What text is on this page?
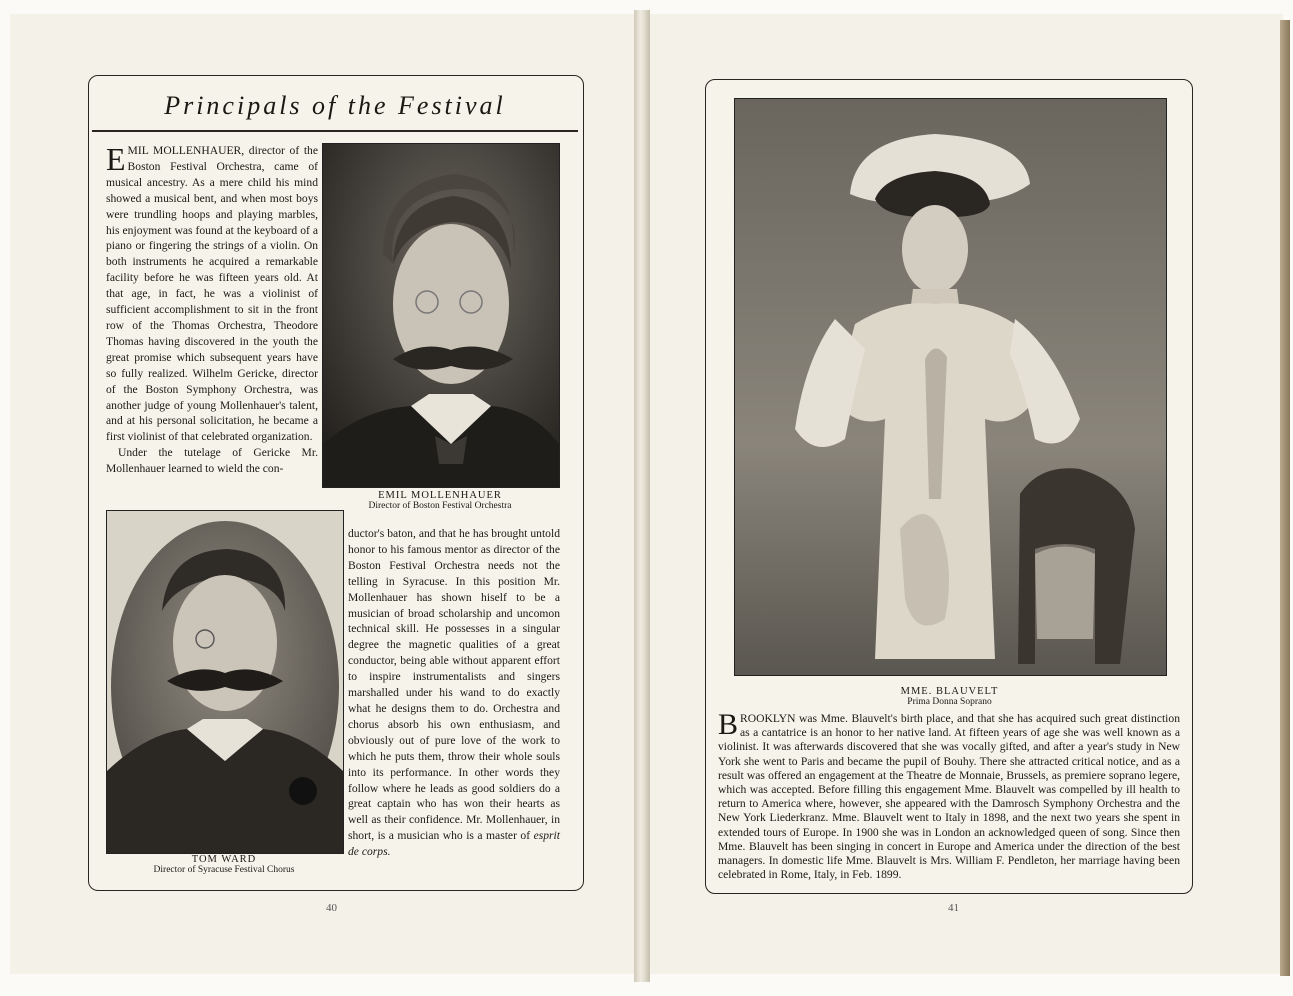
Principals of the Festival

EMIL MOLLENHAUER, director of the Boston Festival Orchestra, came of musical ancestry. As a mere child his mind showed a musical bent, and when most boys were trundling hoops and playing marbles, his enjoyment was found at the keyboard of a piano or fingering the strings of a violin. On both instruments he acquired a remarkable facility before he was fifteen years old. At that age, in fact, he was a violinist of sufficient accomplishment to sit in the front row of the Thomas Orchestra, Theodore Thomas having discovered in the youth the great promise which subsequent years have so fully realized. Wilhelm Gericke, director of the Boston Symphony Orchestra, was another judge of young Mollenhauer's talent, and at his personal solicitation, he became a first violinist of that celebrated organization.

Under the tutelage of Gericke Mr. Mollenhauer learned to wield the con-

EMIL MOLLENHAUER
Director of Boston Festival Orchestra
TOM WARD
Director of Syracuse Festival Chorus

ductor's baton, and that he has brought untold honor to his famous mentor as director of the Boston Festival Orchestra needs not the telling in Syracuse. In this position Mr. Mollenhauer has shown hiself to be a musician of broad scholarship and uncomon technical skill. He possesses in a singular degree the magnetic qualities of a great conductor, being able without apparent effort to inspire instrumentalists and singers marshalled under his wand to do exactly what he designs them to do. Orchestra and chorus absorb his own enthusiasm, and obviously out of pure love of the work to which he puts them, throw their whole souls into its performance. In other words they follow where he leads as good soldiers do a great captain who has won their hearts as well as their confidence. Mr. Mollenhauer, in short, is a musician who is a master of esprit de corps.

40
MME. BLAUVELT
Prima Donna Soprano

BROOKLYN was Mme. Blauvelt's birth place, and that she has acquired such great distinction as a cantatrice is an honor to her native land. At fifteen years of age she was well known as a violinist. It was afterwards discovered that she was vocally gifted, and after a year's study in New York she went to Paris and became the pupil of Bouhy. There she attracted critical notice, and as a result was offered an engagement at the Theatre de Monnaie, Brussels, as premiere soprano legere, which was accepted. Before filling this engagement Mme. Blauvelt was compelled by ill health to return to America where, however, she appeared with the Damrosch Symphony Orchestra and the New York Liederkranz. Mme. Blauvelt went to Italy in 1898, and the next two years she spent in extended tours of Europe. In 1900 she was in London an acknowledged queen of song. Since then Mme. Blauvelt has been singing in concert in Europe and America under the direction of the best managers. In domestic life Mme. Blauvelt is Mrs. William F. Pendleton, her marriage having been celebrated in Rome, Italy, in Feb. 1899.

41
